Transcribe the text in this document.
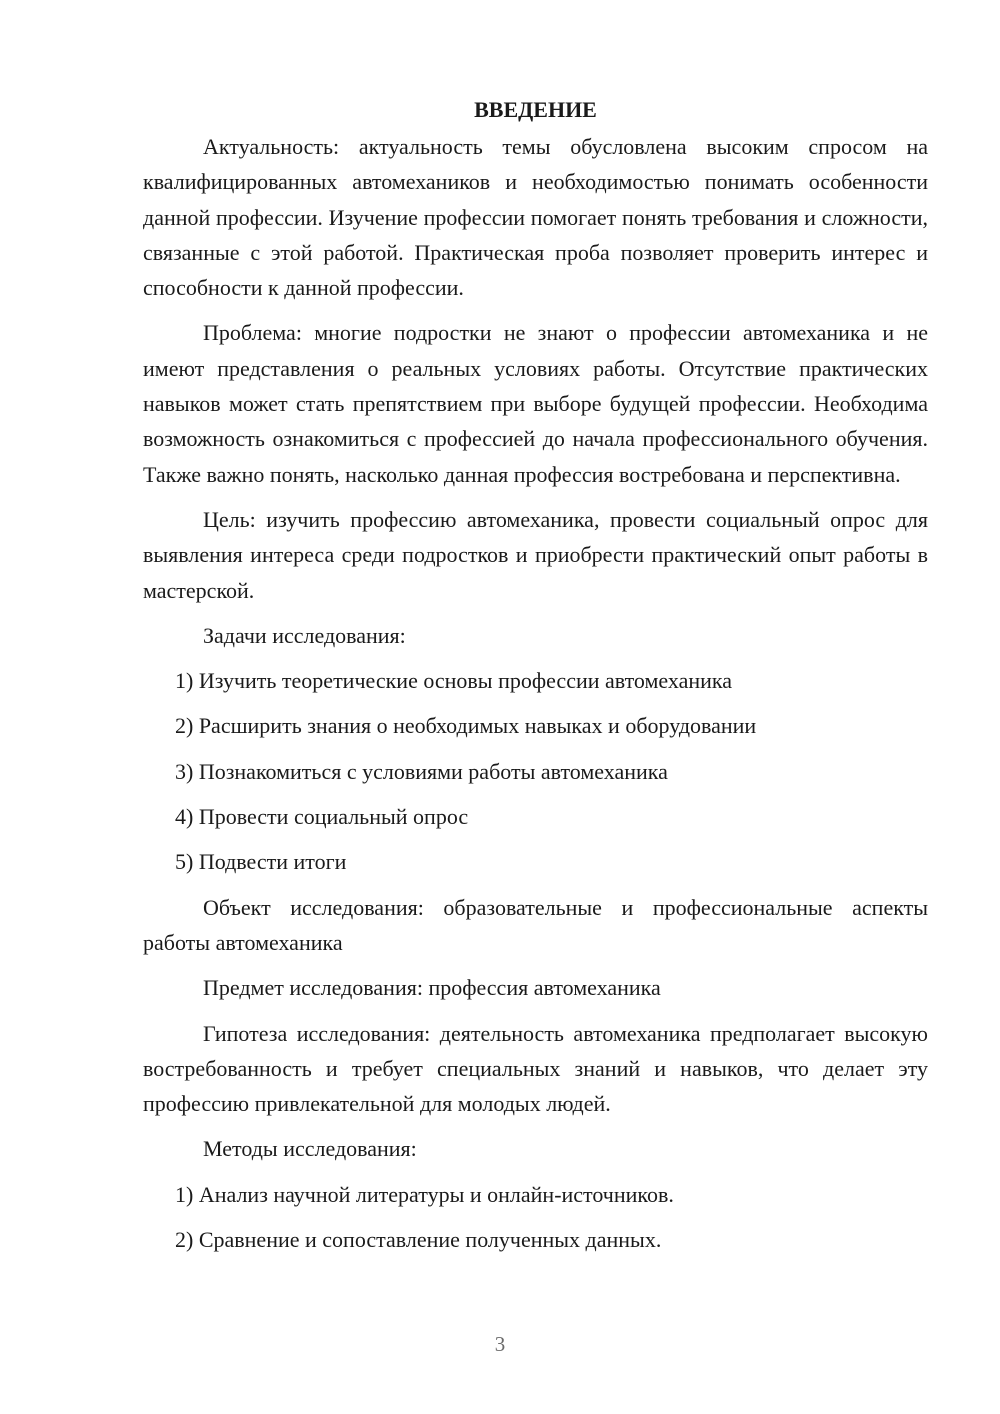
ВВЕДЕНИЕ

Актуальность: актуальность темы обусловлена высоким спросом на квалифицированных автомехаников и необходимостью понимать особенности данной профессии. Изучение профессии помогает понять требования и сложности, связанные с этой работой. Практическая проба позволяет проверить интерес и способности к данной профессии.

Проблема: многие подростки не знают о профессии автомеханика и не имеют представления о реальных условиях работы. Отсутствие практических навыков может стать препятствием при выборе будущей профессии. Необходима возможность ознакомиться с профессией до начала профессионального обучения. Также важно понять, насколько данная профессия востребована и перспективна.

Цель: изучить профессию автомеханика, провести социальный опрос для выявления интереса среди подростков и приобрести практический опыт работы в мастерской.

Задачи исследования:

1) Изучить теоретические основы профессии автомеханика

2) Расширить знания о необходимых навыках и оборудовании

3) Познакомиться с условиями работы автомеханика

4) Провести социальный опрос

5) Подвести итоги

Объект исследования: образовательные и профессиональные аспекты работы автомеханика

Предмет исследования: профессия автомеханика

Гипотеза исследования: деятельность автомеханика предполагает высокую востребованность и требует специальных знаний и навыков, что делает эту профессию привлекательной для молодых людей.

Методы исследования:

1) Анализ научной литературы и онлайн-источников.

2) Сравнение и сопоставление полученных данных.

3
